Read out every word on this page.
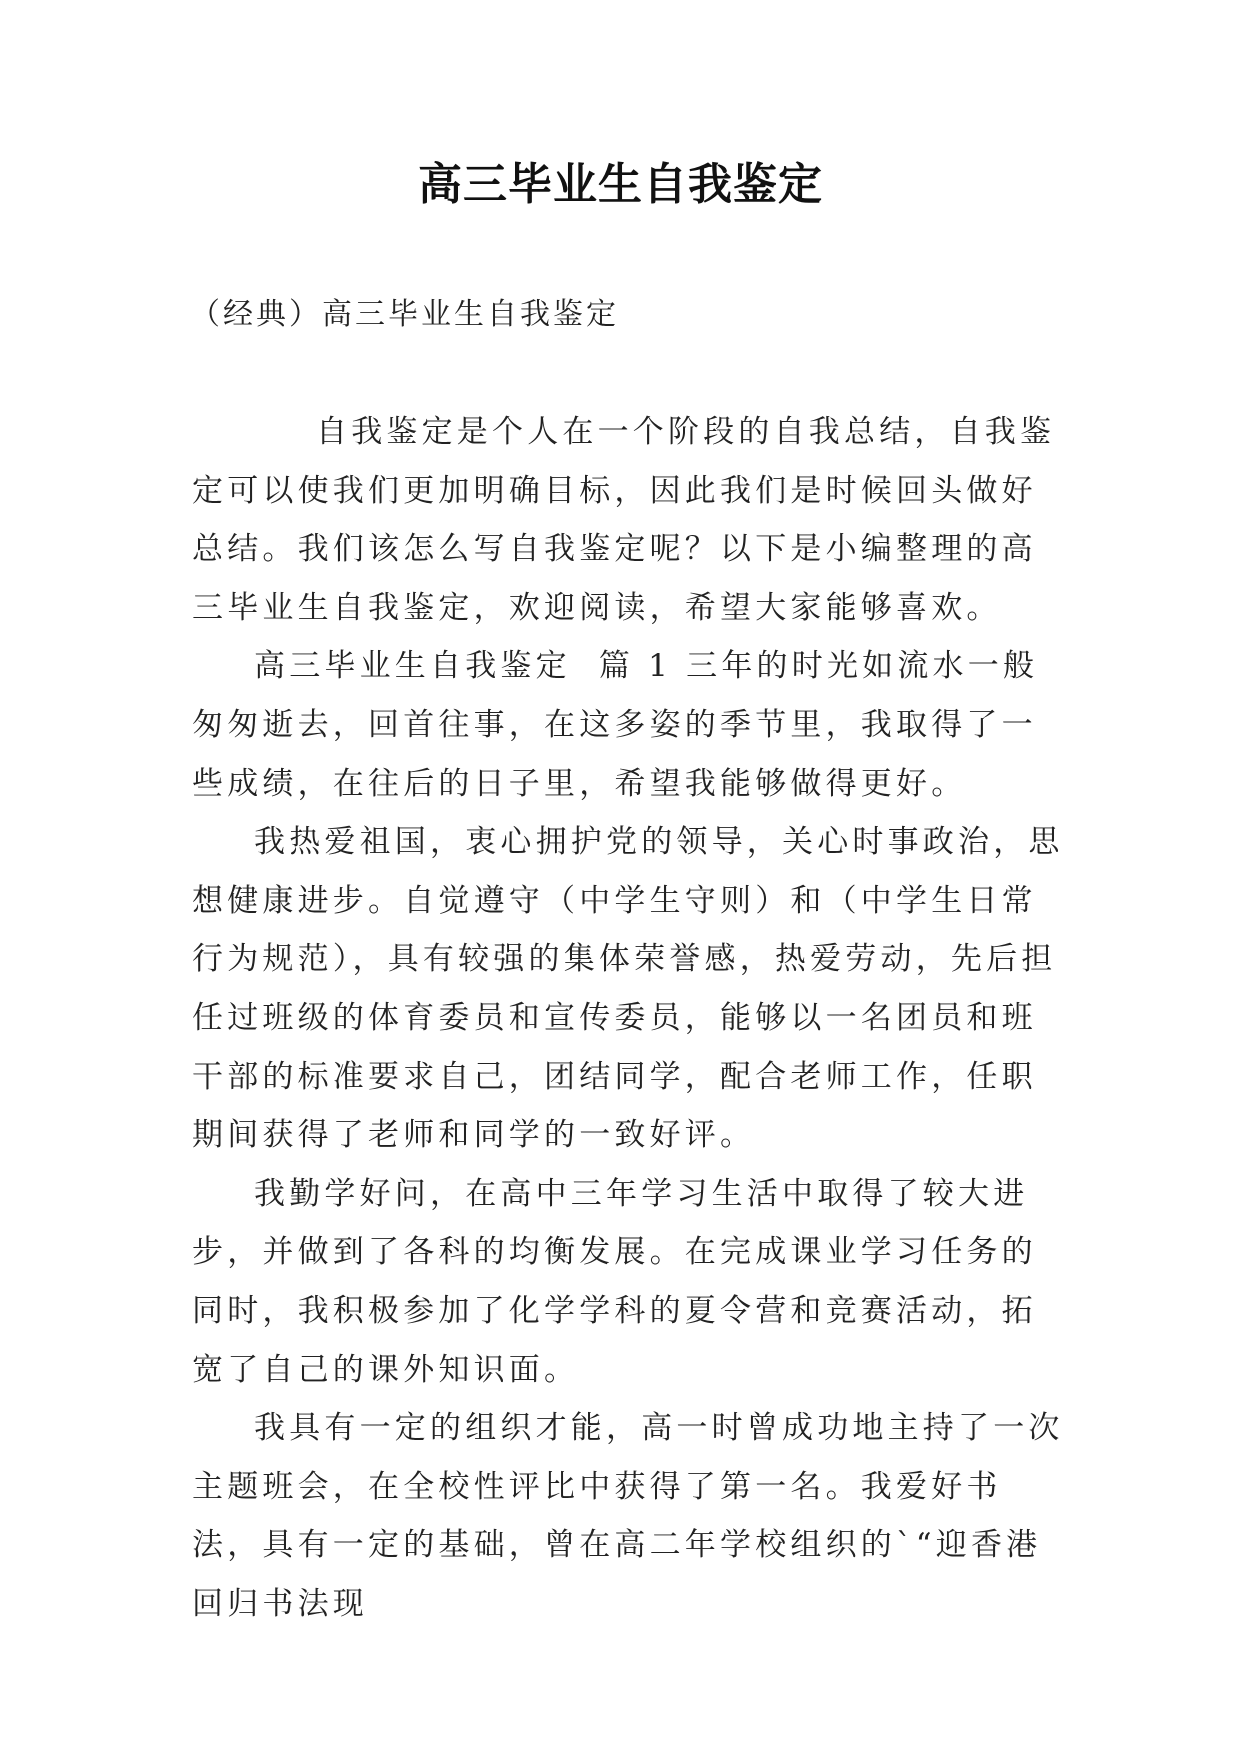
高三毕业生自我鉴定

（经典）高三毕业生自我鉴定

自我鉴定是个人在一个阶段的自我总结，自我鉴定可以使我们更加明确目标，因此我们是时候回头做好总结。我们该怎么写自我鉴定呢？以下是小编整理的高三毕业生自我鉴定，欢迎阅读，希望大家能够喜欢。

高三毕业生自我鉴定  篇 1 三年的时光如流水一般匆匆逝去，回首往事，在这多姿的季节里，我取得了一些成绩，在往后的日子里，希望我能够做得更好。

我热爱祖国，衷心拥护党的领导，关心时事政治，思想健康进步。自觉遵守（中学生守则）和（中学生日常行为规范），具有较强的集体荣誉感，热爱劳动，先后担任过班级的体育委员和宣传委员，能够以一名团员和班干部的标准要求自己，团结同学，配合老师工作，任职期间获得了老师和同学的一致好评。

我勤学好问，在高中三年学习生活中取得了较大进步，并做到了各科的均衡发展。在完成课业学习任务的同时，我积极参加了化学学科的夏令营和竞赛活动，拓宽了自己的课外知识面。

我具有一定的组织才能，高一时曾成功地主持了一次主题班会，在全校性评比中获得了第一名。我爱好书法，具有一定的基础，曾在高二年学校组织的`“迎香港回归书法现
